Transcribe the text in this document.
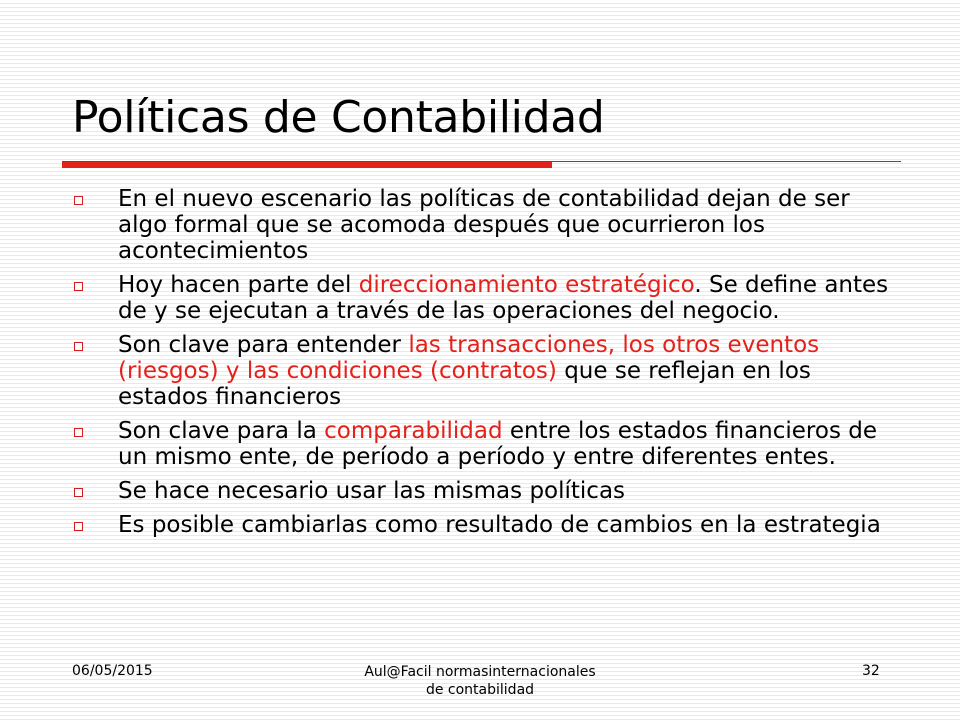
Políticas de Contabilidad
En el nuevo escenario las políticas de contabilidad dejan de ser algo formal que se acomoda después que ocurrieron los acontecimientos
Hoy hacen parte del direccionamiento estratégico. Se define antes de y se ejecutan a través de las operaciones del negocio.
Son clave para entender las transacciones, los otros eventos (riesgos) y las condiciones (contratos) que se reflejan en los estados financieros
Son clave para la comparabilidad entre los estados financieros de un mismo ente, de período a período y entre diferentes entes.
Se hace necesario usar las mismas políticas
Es posible cambiarlas como resultado de cambios en la estrategia
06/05/2015	Aul@Facil normasinternacionales
de contabilidad
32
